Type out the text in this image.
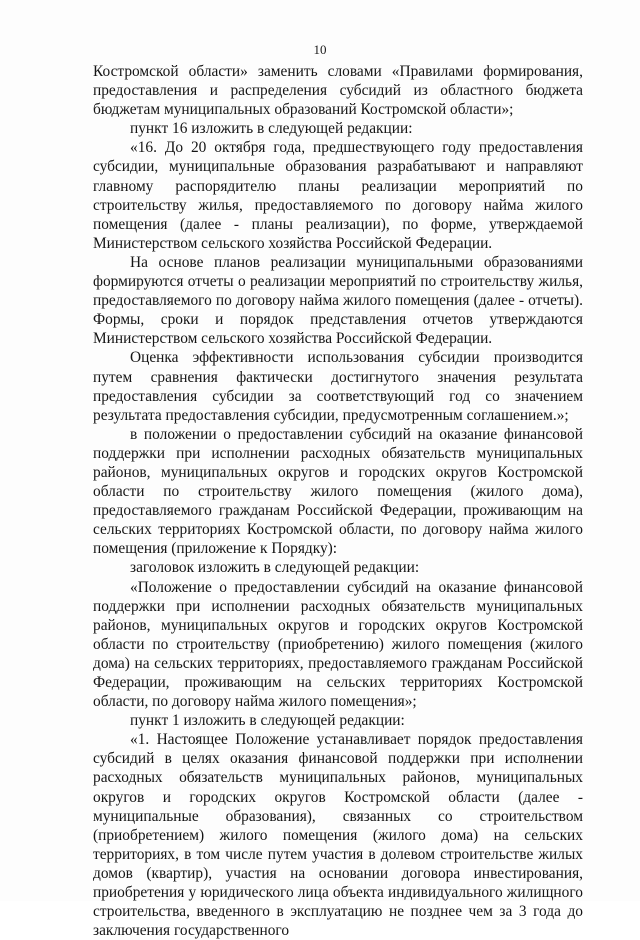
10

Костромской области» заменить словами «Правилами формирования, предоставления и распределения субсидий из областного бюджета бюджетам муниципальных образований Костромской области»;

пункт 16 изложить в следующей редакции:

«16. До 20 октября года, предшествующего году предоставления субсидии, муниципальные образования разрабатывают и направляют главному распорядителю планы реализации мероприятий по строительству жилья, предоставляемого по договору найма жилого помещения (далее - планы реализации), по форме, утверждаемой Министерством сельского хозяйства Российской Федерации.

На основе планов реализации муниципальными образованиями формируются отчеты о реализации мероприятий по строительству жилья, предоставляемого по договору найма жилого помещения (далее - отчеты). Формы, сроки и порядок представления отчетов утверждаются Министерством сельского хозяйства Российской Федерации.

Оценка эффективности использования субсидии производится путем сравнения фактически достигнутого значения результата предоставления субсидии за соответствующий год со значением результата предоставления субсидии, предусмотренным соглашением.»;

в положении о предоставлении субсидий на оказание финансовой поддержки при исполнении расходных обязательств муниципальных районов, муниципальных округов и городских округов Костромской области по строительству жилого помещения (жилого дома), предоставляемого гражданам Российской Федерации, проживающим на сельских территориях Костромской области, по договору найма жилого помещения (приложение к Порядку):

заголовок изложить в следующей редакции:

«Положение о предоставлении субсидий на оказание финансовой поддержки при исполнении расходных обязательств муниципальных районов, муниципальных округов и городских округов Костромской области по строительству (приобретению) жилого помещения (жилого дома) на сельских территориях, предоставляемого гражданам Российской Федерации, проживающим на сельских территориях Костромской области, по договору найма жилого помещения»;

пункт 1 изложить в следующей редакции:

«1. Настоящее Положение устанавливает порядок предоставления субсидий в целях оказания финансовой поддержки при исполнении расходных обязательств муниципальных районов, муниципальных округов и городских округов Костромской области (далее - муниципальные образования), связанных со строительством (приобретением) жилого помещения (жилого дома) на сельских территориях, в том числе путем участия в долевом строительстве жилых домов (квартир), участия на основании договора инвестирования, приобретения у юридического лица объекта индивидуального жилищного строительства, введенного в эксплуатацию не позднее чем за 3 года до заключения государственного
